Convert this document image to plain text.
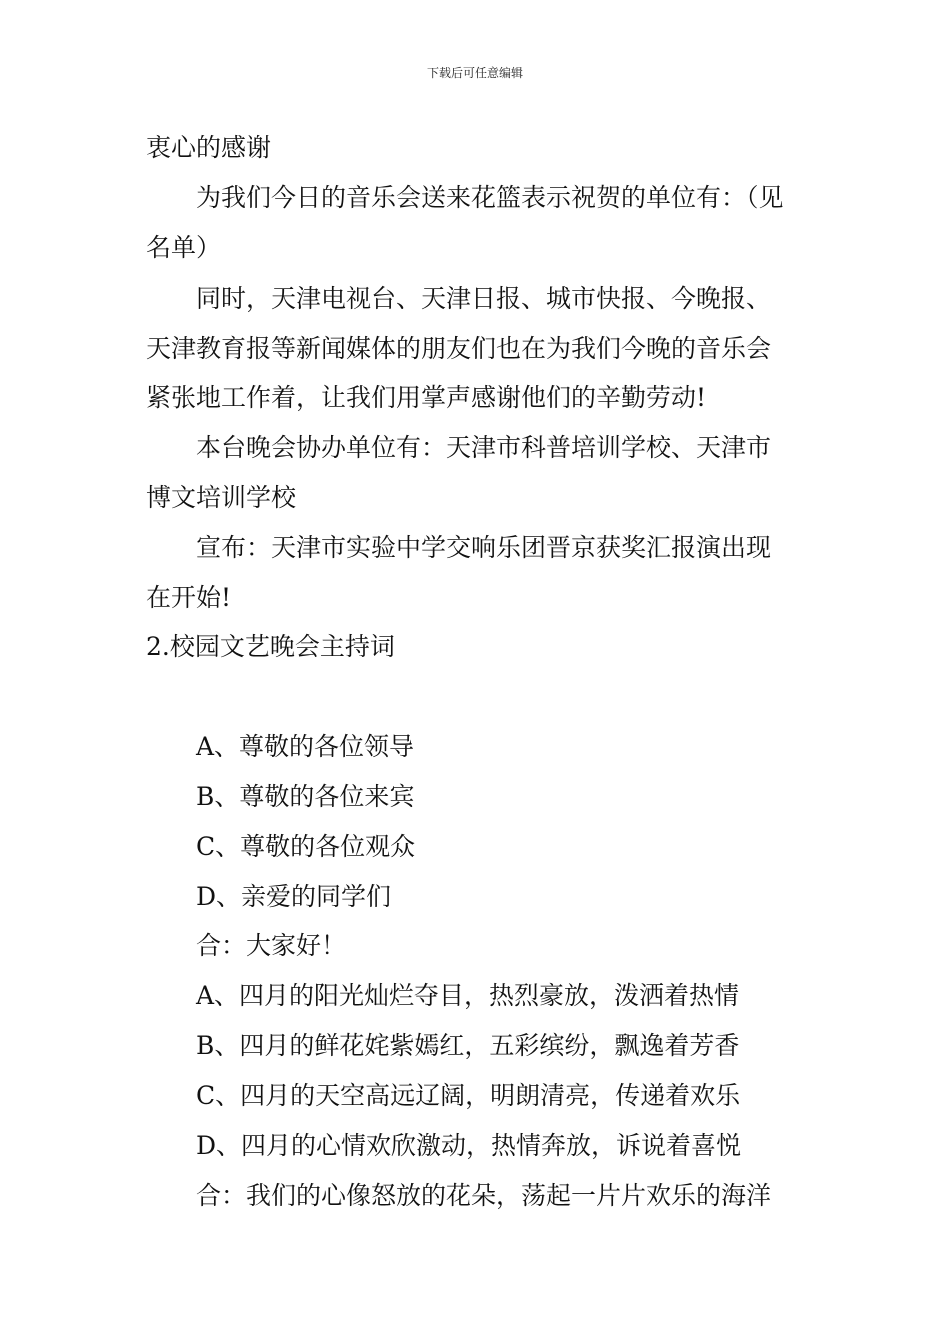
下载后可任意编辑
衷心的感谢
为我们今日的音乐会送来花篮表示祝贺的单位有：（见
名单）
同时，天津电视台、天津日报、城市快报、今晚报、
天津教育报等新闻媒体的朋友们也在为我们今晚的音乐会
紧张地工作着，让我们用掌声感谢他们的辛勤劳动!
本台晚会协办单位有：天津市科普培训学校、天津市
博文培训学校
宣布：天津市实验中学交响乐团晋京获奖汇报演出现
在开始!
2.校园文艺晚会主持词
A、尊敬的各位领导
B、尊敬的各位来宾
C、尊敬的各位观众
D、亲爱的同学们
合：大家好！
A、四月的阳光灿烂夺目，热烈豪放，泼洒着热情
B、四月的鲜花姹紫嫣红，五彩缤纷，飘逸着芳香
C、四月的天空高远辽阔，明朗清亮，传递着欢乐
D、四月的心情欢欣激动，热情奔放，诉说着喜悦
合：我们的心像怒放的花朵，荡起一片片欢乐的海洋
